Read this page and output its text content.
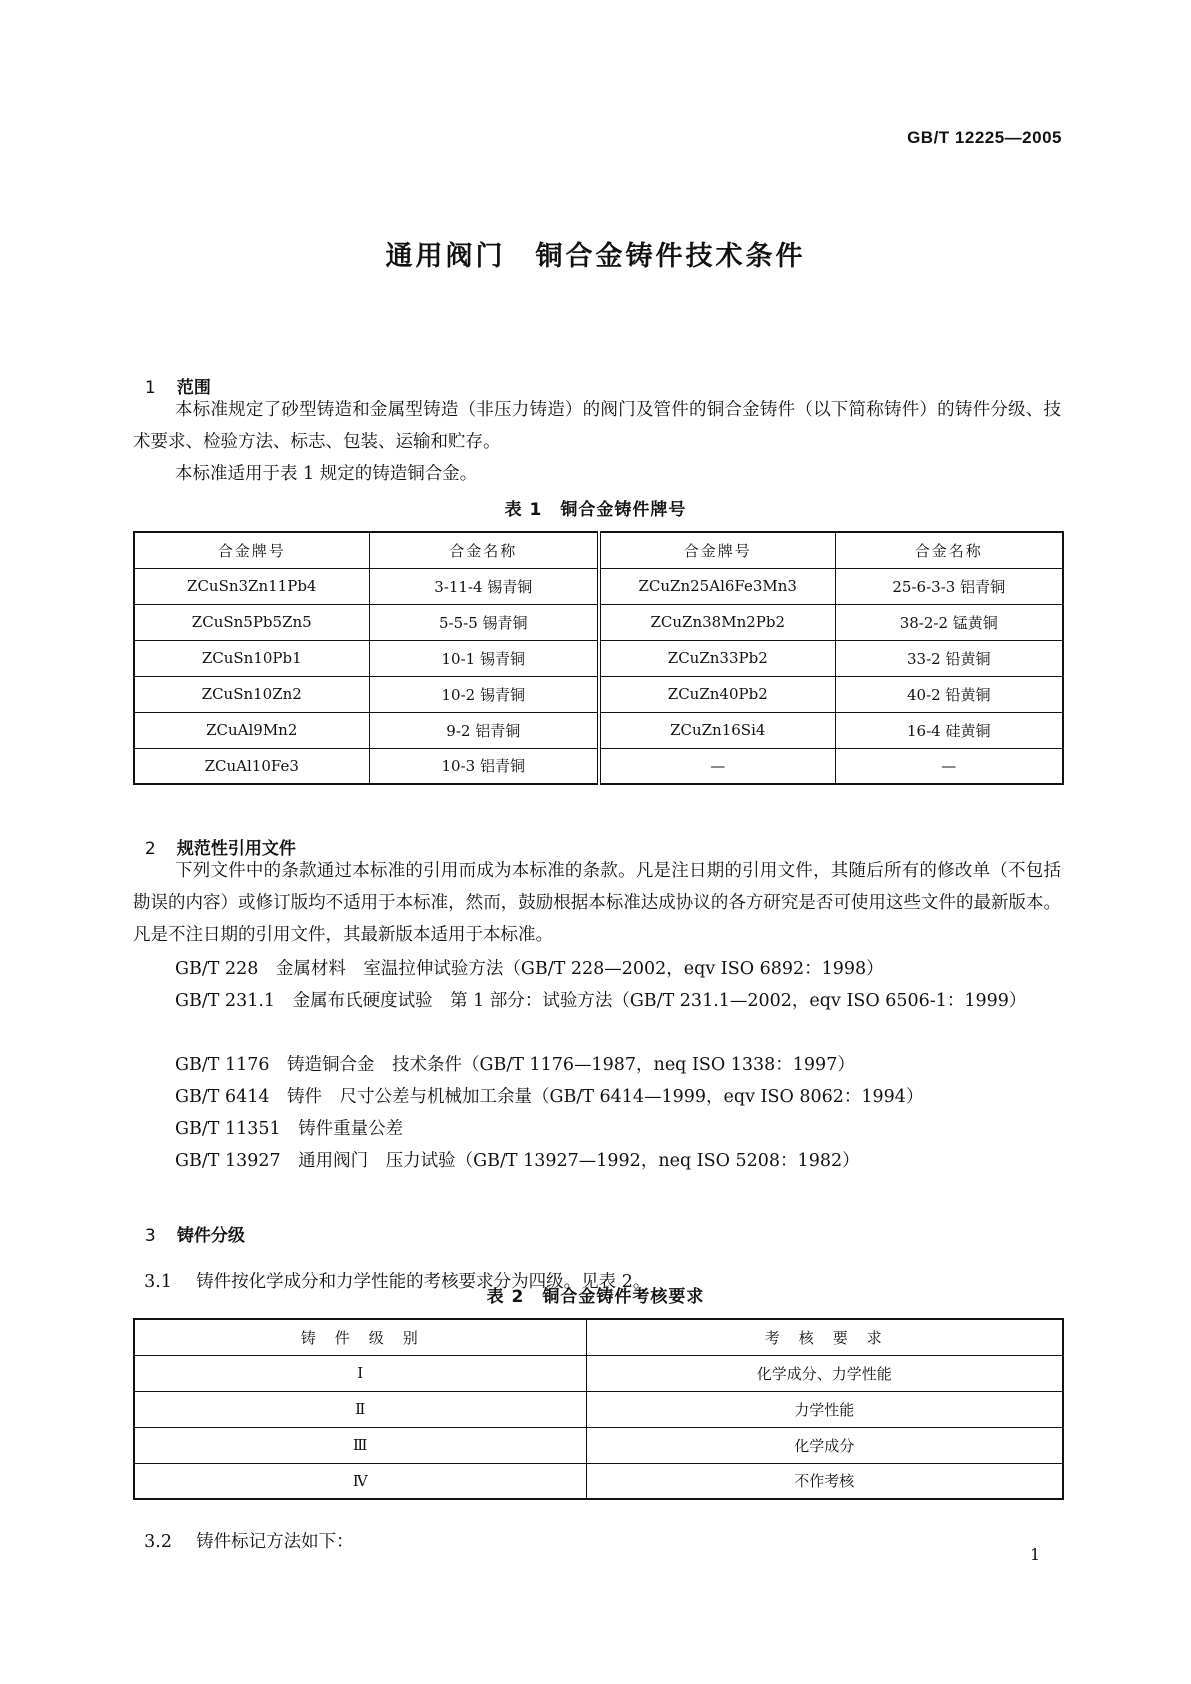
GB/T 12225—2005
通用阀门　铜合金铸件技术条件

1 范围

本标准规定了砂型铸造和金属型铸造（非压力铸造）的阀门及管件的铜合金铸件（以下简称铸件）的铸件分级、技术要求、检验方法、标志、包装、运输和贮存。
本标准适用于表 1 规定的铸造铜合金。
表 1　铜合金铸件牌号
合金牌号	合金名称	合金牌号	合金名称
ZCuSn3Zn11Pb4	3-11-4 锡青铜	ZCuZn25Al6Fe3Mn3	25-6-3-3 铝青铜
ZCuSn5Pb5Zn5	5-5-5 锡青铜	ZCuZn38Mn2Pb2	38-2-2 锰黄铜
ZCuSn10Pb1	10-1 锡青铜	ZCuZn33Pb2	33-2 铅黄铜
ZCuSn10Zn2	10-2 锡青铜	ZCuZn40Pb2	40-2 铅黄铜
ZCuAl9Mn2	9-2 铝青铜	ZCuZn16Si4	16-4 硅黄铜
ZCuAl10Fe3	10-3 铝青铜	—	—

2 规范性引用文件

下列文件中的条款通过本标准的引用而成为本标准的条款。凡是注日期的引用文件，其随后所有的修改单（不包括勘误的内容）或修订版均不适用于本标准，然而，鼓励根据本标准达成协议的各方研究是否可使用这些文件的最新版本。凡是不注日期的引用文件，其最新版本适用于本标准。
GB/T 228　金属材料　室温拉伸试验方法（GB/T 228—2002，eqv ISO 6892：1998）
GB/T 231.1　金属布氏硬度试验　第 1 部分：试验方法（GB/T 231.1—2002，eqv ISO 6506-1：1999）
GB/T 1176　铸造铜合金　技术条件（GB/T 1176—1987，neq ISO 1338：1997）
GB/T 6414　铸件　尺寸公差与机械加工余量（GB/T 6414—1999，eqv ISO 8062：1994）
GB/T 11351　铸件重量公差
GB/T 13927　通用阀门　压力试验（GB/T 13927—1992，neq ISO 5208：1982）

3 铸件分级

3.1 铸件按化学成分和力学性能的考核要求分为四级。见表 2。

表 2　铜合金铸件考核要求
铸　件　级　别	考　核　要　求
Ⅰ	化学成分、力学性能
Ⅱ	力学性能
Ⅲ	化学成分
Ⅳ	不作考核

3.2 铸件标记方法如下：

1
